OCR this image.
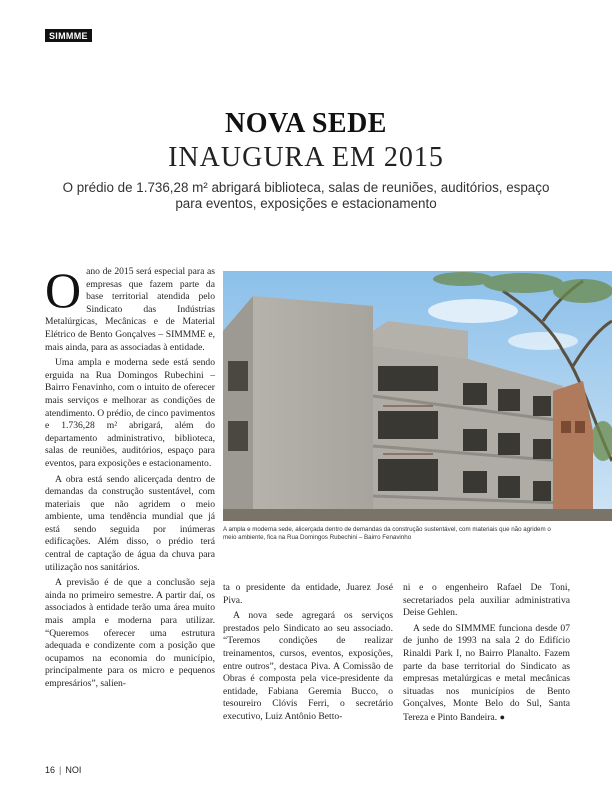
SIMMME
NOVA SEDE
INAUGURA EM 2015
O prédio de 1.736,28 m² abrigará biblioteca, salas de reuniões, auditórios, espaço para eventos, exposições e estacionamento
O ano de 2015 será especial para as empresas que fazem parte da base territorial atendida pelo Sindicato das Indústrias Metalúrgicas, Mecânicas e de Material Elétrico de Bento Gonçalves – SIMMME e, mais ainda, para as associadas à entidade.

Uma ampla e moderna sede está sendo erguida na Rua Domingos Rubechini – Bairro Fenavinho, com o intuito de oferecer mais serviços e melhorar as condições de atendimento. O prédio, de cinco pavimentos e 1.736,28 m² abrigará, além do departamento administrativo, biblioteca, salas de reuniões, auditórios, espaço para eventos, para exposições e estacionamento.

A obra está sendo alicerçada dentro de demandas da construção sustentável, com materiais que não agridem o meio ambiente, uma tendência mundial que já está sendo seguida por inúmeras edificações. Além disso, o prédio terá central de captação de água da chuva para utilização nos sanitários.

A previsão é de que a conclusão seja ainda no primeiro semestre. A partir daí, os associados à entidade terão uma área muito mais ampla e moderna para utilizar. “Queremos oferecer uma estrutura adequada e condizente com a posição que ocupamos na economia do município, principalmente para os micro e pequenos empresários”, salien-

A ampla e moderna sede, alicerçada dentro de demandas da construção sustentável, com materiais que não agridem o meio ambiente, fica na Rua Domingos Rubechini – Bairro Fenavinho

ta o presidente da entidade, Juarez José Piva.

A nova sede agregará os serviços prestados pelo Sindicato ao seu associado. “Teremos condições de realizar treinamentos, cursos, eventos, exposições, entre outros”, destaca Piva. A Comissão de Obras é composta pela vice-presidente da entidade, Fabiana Geremia Bucco, o tesoureiro Clóvis Ferri, o secretário executivo, Luiz Antônio Betto-

ni e o engenheiro Rafael De Toni, secretariados pela auxiliar administrativa Deise Gehlen.

A sede do SIMMME funciona desde 07 de junho de 1993 na sala 2 do Edifício Rinaldi Park I, no Bairro Planalto. Fazem parte da base territorial do Sindicato as empresas metalúrgicas e metal mecânicas situadas nos municípios de Bento Gonçalves, Monte Belo do Sul, Santa Tereza e Pinto Bandeira. ●

16 | NOI
